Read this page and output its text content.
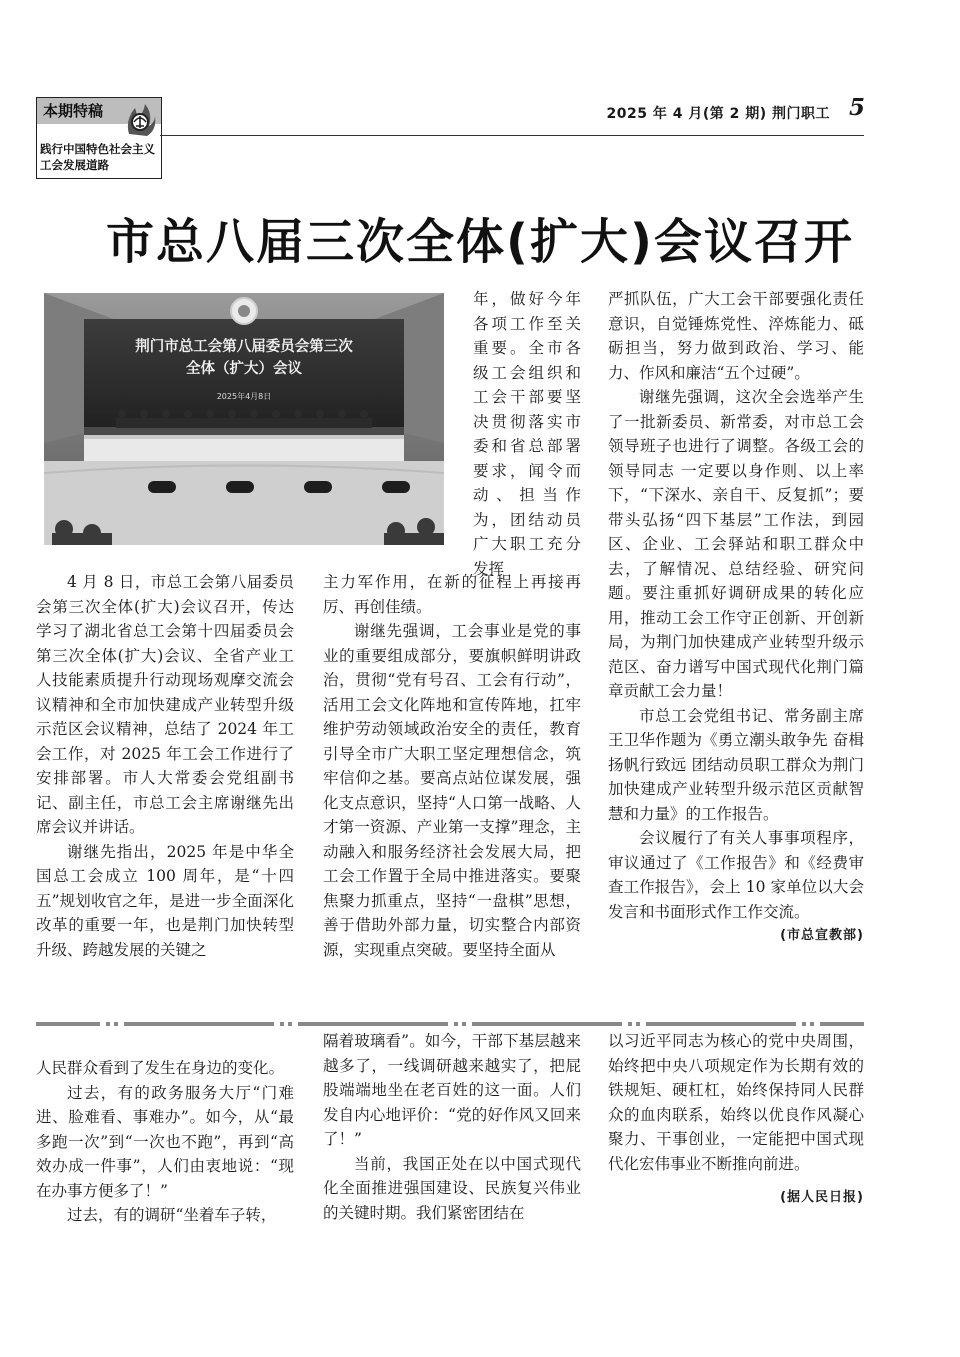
本期特稿
践行中国特色社会主义工会发展道路
2025 年 4 月(第 2 期) 荆门职工 5
市总八届三次全体(扩大)会议召开
荆门市总工会第八届委员会第三次
全体（扩大）会议
2025年4月8日

年，做好今年各项工作至关重要。全市各级工会组织和工会干部要坚决贯彻落实市委和省总部署要求，闻令而动、担当作为，团结动员广大职工充分发挥

4 月 8 日，市总工会第八届委员会第三次全体(扩大)会议召开，传达学习了湖北省总工会第十四届委员会第三次全体(扩大)会议、全省产业工人技能素质提升行动现场观摩交流会议精神和全市加快建成产业转型升级示范区会议精神，总结了 2024 年工会工作，对 2025 年工会工作进行了安排部署。市人大常委会党组副书记、副主任，市总工会主席谢继先出席会议并讲话。

谢继先指出，2025 年是中华全国总工会成立 100 周年，是“十四五”规划收官之年，是进一步全面深化改革的重要一年，也是荆门加快转型升级、跨越发展的关键之

主力军作用，在新的征程上再接再厉、再创佳绩。

谢继先强调，工会事业是党的事业的重要组成部分，要旗帜鲜明讲政治，贯彻“党有号召、工会有行动”，活用工会文化阵地和宣传阵地，扛牢维护劳动领域政治安全的责任，教育引导全市广大职工坚定理想信念，筑牢信仰之基。要高点站位谋发展，强化支点意识，坚持“人口第一战略、人才第一资源、产业第一支撑”理念，主动融入和服务经济社会发展大局，把工会工作置于全局中推进落实。要聚焦聚力抓重点，坚持“一盘棋”思想，善于借助外部力量，切实整合内部资源，实现重点突破。要坚持全面从

严抓队伍，广大工会干部要强化责任意识，自觉锤炼党性、淬炼能力、砥砺担当，努力做到政治、学习、能力、作风和廉洁“五个过硬”。

谢继先强调，这次全会选举产生了一批新委员、新常委，对市总工会领导班子也进行了调整。各级工会的领导同志 一定要以身作则、以上率下，“下深水、亲自干、反复抓”；要带头弘扬“四下基层”工作法，到园区、企业、工会驿站和职工群众中去，了解情况、总结经验、研究问题。要注重抓好调研成果的转化应用，推动工会工作守正创新、开创新局，为荆门加快建成产业转型升级示范区、奋力谱写中国式现代化荆门篇章贡献工会力量！

市总工会党组书记、常务副主席王卫华作题为《勇立潮头敢争先 奋楫扬帆行致远 团结动员职工群众为荆门加快建成产业转型升级示范区贡献智慧和力量》的工作报告。

会议履行了有关人事事项程序，审议通过了《工作报告》和《经费审查工作报告》，会上 10 家单位以大会发言和书面形式作工作交流。

(市总宣教部)

人民群众看到了发生在身边的变化。

过去，有的政务服务大厅“门难进、脸难看、事难办”。如今，从“最多跑一次”到“一次也不跑”，再到“高效办成一件事”，人们由衷地说：“现在办事方便多了！”

过去，有的调研“坐着车子转，

隔着玻璃看”。如今，干部下基层越来越多了，一线调研越来越实了，把屁股端端地坐在老百姓的这一面。人们发自内心地评价：“党的好作风又回来了！”

当前，我国正处在以中国式现代化全面推进强国建设、民族复兴伟业的关键时期。我们紧密团结在

以习近平同志为核心的党中央周围，始终把中央八项规定作为长期有效的铁规矩、硬杠杠，始终保持同人民群众的血肉联系，始终以优良作风凝心聚力、干事创业，一定能把中国式现代化宏伟事业不断推向前进。

(据人民日报)
